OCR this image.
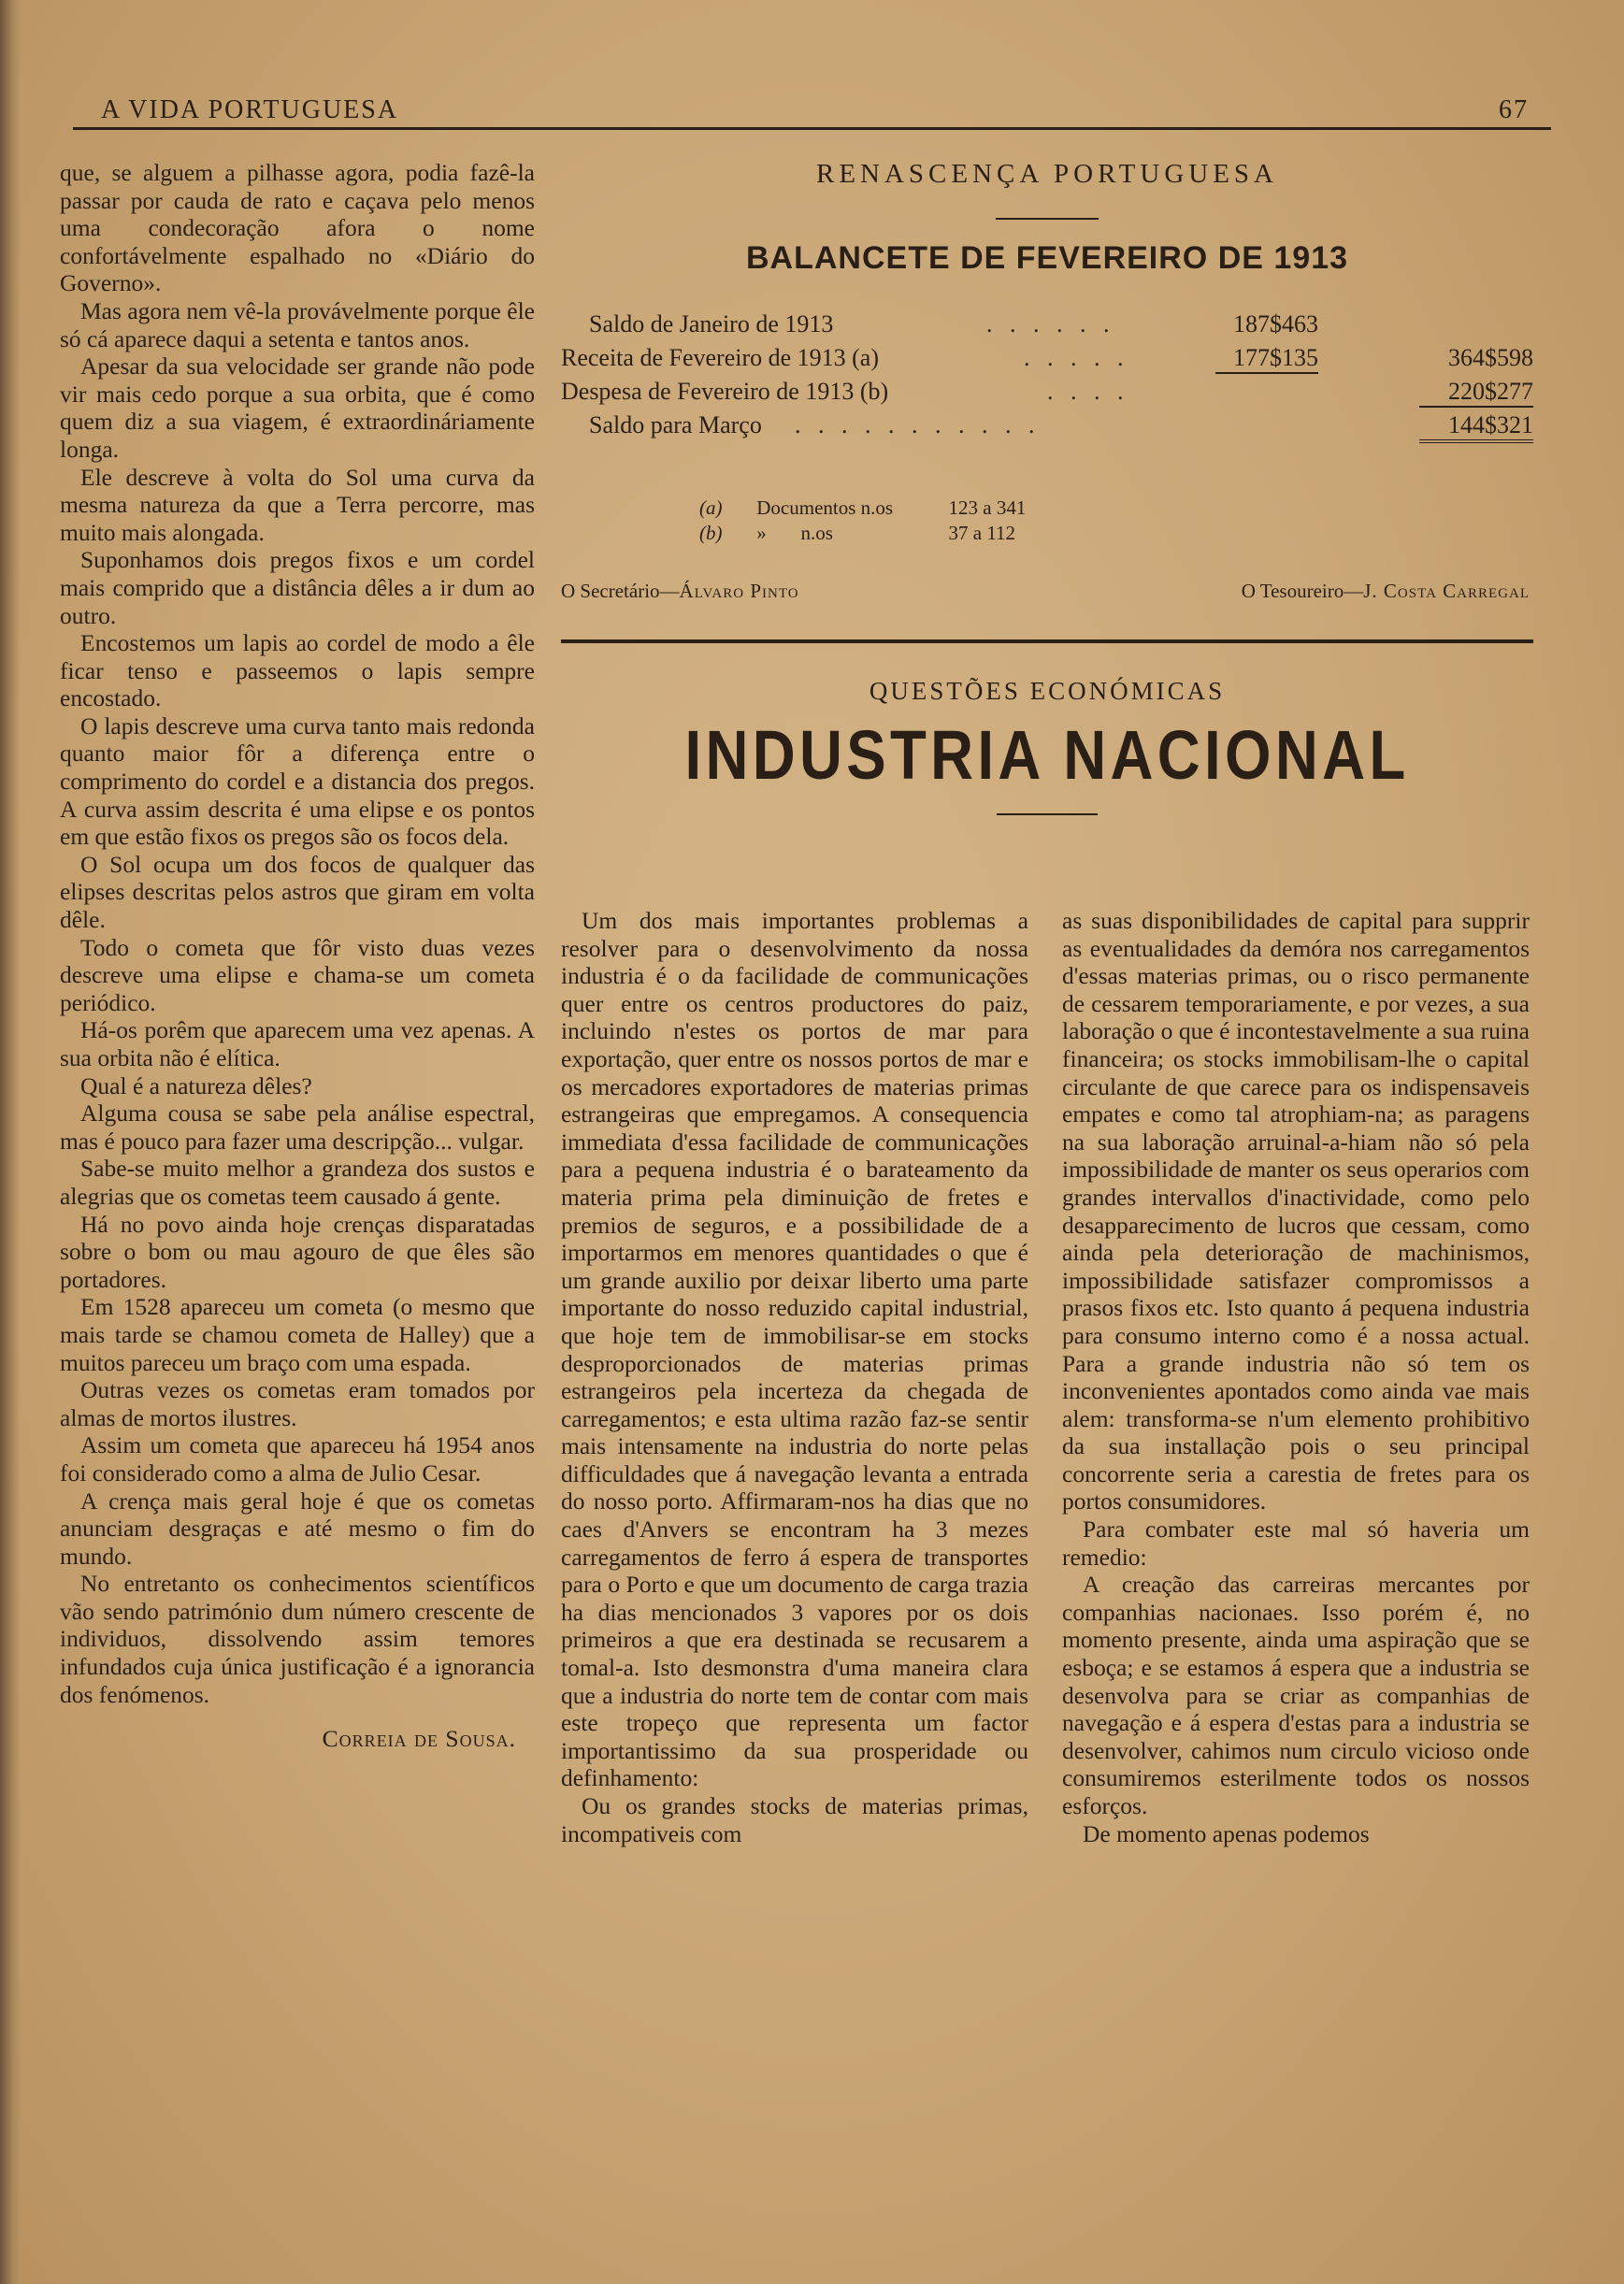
A VIDA PORTUGUESA	67

que, se alguem a pilhasse agora, podia fazê-la passar por cauda de rato e caçava pelo menos uma condecoração afora o nome confortávelmente espalhado no «Diário do Governo».

Mas agora nem vê-la provávelmente porque êle só cá aparece daqui a setenta e tantos anos.

Apesar da sua velocidade ser grande não pode vir mais cedo porque a sua orbita, que é como quem diz a sua viagem, é extraordináriamente longa.

Ele descreve à volta do Sol uma curva da mesma natureza da que a Terra percorre, mas muito mais alongada.

Suponhamos dois pregos fixos e um cordel mais comprido que a distância dêles a ir dum ao outro.

Encostemos um lapis ao cordel de modo a êle ficar tenso e passeemos o lapis sempre encostado.

O lapis descreve uma curva tanto mais redonda quanto maior fôr a diferença entre o comprimento do cordel e a distancia dos pregos. A curva assim descrita é uma elipse e os pontos em que estão fixos os pregos são os focos dela.

O Sol ocupa um dos focos de qualquer das elipses descritas pelos astros que giram em volta dêle.

Todo o cometa que fôr visto duas vezes descreve uma elipse e chama-se um cometa periódico.

Há-os porêm que aparecem uma vez apenas. A sua orbita não é elítica.

Qual é a natureza dêles?

Alguma cousa se sabe pela análise espectral, mas é pouco para fazer uma descripção... vulgar.

Sabe-se muito melhor a grandeza dos sustos e alegrias que os cometas teem causado á gente.

Há no povo ainda hoje crenças disparatadas sobre o bom ou mau agouro de que êles são portadores.

Em 1528 apareceu um cometa (o mesmo que mais tarde se chamou cometa de Halley) que a muitos pareceu um braço com uma espada.

Outras vezes os cometas eram tomados por almas de mortos ilustres.

Assim um cometa que apareceu há 1954 anos foi considerado como a alma de Julio Cesar.

A crença mais geral hoje é que os cometas anunciam desgraças e até mesmo o fim do mundo.

No entretanto os conhecimentos scientíficos vão sendo património dum número crescente de individuos, dissolvendo assim temores infundados cuja única justificação é a ignorancia dos fenómenos.

Correia de Sousa.

RENASCENÇA PORTUGUESA
BALANCETE DE FEVEREIRO DE 1913
Saldo de Janeiro de 1913	. . . . . .	187$463
Receita de Fevereiro de 1913 (a)	. . . . .	177$135	364$598
Despesa de Fevereiro de 1913 (b)	. . . .	220$277
Saldo para Março . . . . . . . . . . .	144$321
(a) Documentos n.os	123 a 341
(b) »       n.os	37 a 112
O Secretário—Álvaro Pinto	O Tesoureiro—J. Costa Carregal
QUESTÕES ECONÓMICAS
INDUSTRIA NACIONAL

Um dos mais importantes problemas a resolver para o desenvolvimento da nossa industria é o da facilidade de communicações quer entre os centros productores do paiz, incluindo n'estes os portos de mar para exportação, quer entre os nossos portos de mar e os mercadores exportadores de materias primas estrangeiras que empregamos. A consequencia immediata d'essa facilidade de communicações para a pequena industria é o barateamento da materia prima pela diminuição de fretes e premios de seguros, e a possibilidade de a importarmos em menores quantidades o que é um grande auxilio por deixar liberto uma parte importante do nosso reduzido capital industrial, que hoje tem de immobilisar-se em stocks desproporcionados de materias primas estrangeiros pela incerteza da chegada de carregamentos; e esta ultima razão faz-se sentir mais intensamente na industria do norte pelas difficuldades que á navegação levanta a entrada do nosso porto. Affirmaram-nos ha dias que no caes d'Anvers se encontram ha 3 mezes carregamentos de ferro á espera de transportes para o Porto e que um documento de carga trazia ha dias mencionados 3 vapores por os dois primeiros a que era destinada se recusarem a tomal-a. Isto desmonstra d'uma maneira clara que a industria do norte tem de contar com mais este tropeço que representa um factor importantissimo da sua prosperidade ou definhamento:

Ou os grandes stocks de materias primas, incompativeis com

as suas disponibilidades de capital para supprir as eventualidades da demóra nos carregamentos d'essas materias primas, ou o risco permanente de cessarem temporariamente, e por vezes, a sua laboração o que é incontestavelmente a sua ruina financeira; os stocks immobilisam-lhe o capital circulante de que carece para os indispensaveis empates e como tal atrophiam-na; as paragens na sua laboração arruinal-a-hiam não só pela impossibilidade de manter os seus operarios com grandes intervallos d'inactividade, como pelo desapparecimento de lucros que cessam, como ainda pela deterioração de machinismos, impossibilidade satisfazer compromissos a prasos fixos etc. Isto quanto á pequena industria para consumo interno como é a nossa actual. Para a grande industria não só tem os inconvenientes apontados como ainda vae mais alem: transforma-se n'um elemento prohibitivo da sua installação pois o seu principal concorrente seria a carestia de fretes para os portos consumidores.

Para combater este mal só haveria um remedio:

A creação das carreiras mercantes por companhias nacionaes. Isso porém é, no momento presente, ainda uma aspiração que se esboça; e se estamos á espera que a industria se desenvolva para se criar as companhias de navegação e á espera d'estas para a industria se desenvolver, cahimos num circulo vicioso onde consumiremos esterilmente todos os nossos esforços.

De momento apenas podemos
